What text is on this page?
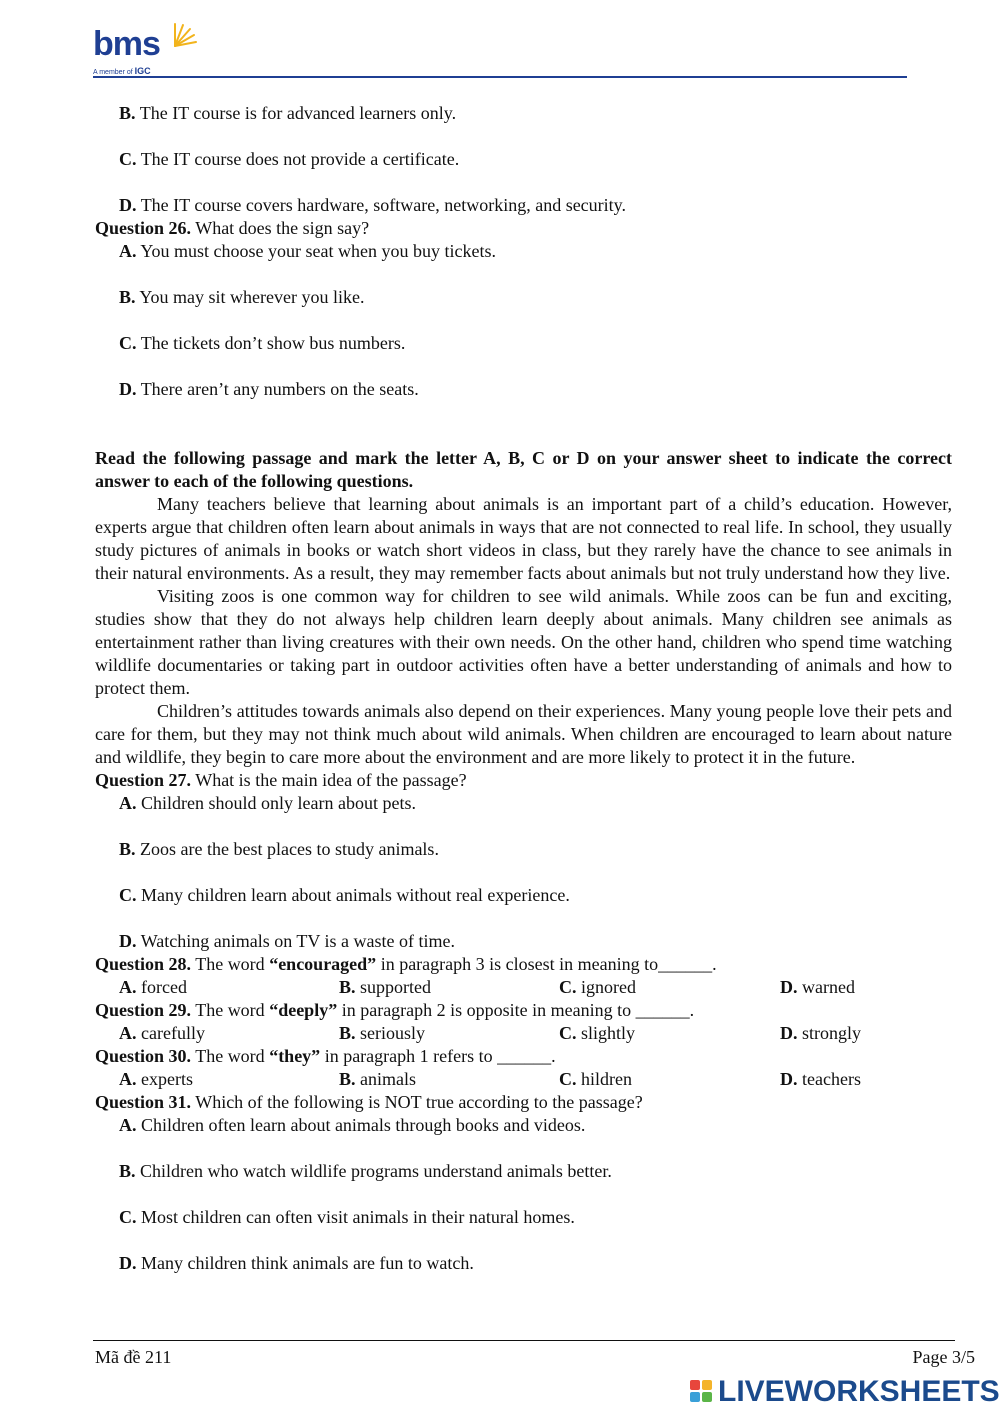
bms
A member of IGC
B. The IT course is for advanced learners only.
C. The IT course does not provide a certificate.
D. The IT course covers hardware, software, networking, and security.
Question 26. What does the sign say?
A. You must choose your seat when you buy tickets.
B. You may sit wherever you like.
C. The tickets don’t show bus numbers.
D. There aren’t any numbers on the seats.
Read the following passage and mark the letter A, B, C or D on your answer sheet to indicate the correct answer to each of the following questions.
Many teachers believe that learning about animals is an important part of a child’s education. However, experts argue that children often learn about animals in ways that are not connected to real life. In school, they usually study pictures of animals in books or watch short videos in class, but they rarely have the chance to see animals in their natural environments. As a result, they may remember facts about animals but not truly understand how they live.
Visiting zoos is one common way for children to see wild animals. While zoos can be fun and exciting, studies show that they do not always help children learn deeply about animals. Many children see animals as entertainment rather than living creatures with their own needs. On the other hand, children who spend time watching wildlife documentaries or taking part in outdoor activities often have a better understanding of animals and how to protect them.
Children’s attitudes towards animals also depend on their experiences. Many young people love their pets and care for them, but they may not think much about wild animals. When children are encouraged to learn about nature and wildlife, they begin to care more about the environment and are more likely to protect it in the future.
Question 27. What is the main idea of the passage?
A. Children should only learn about pets.
B. Zoos are the best places to study animals.
C. Many children learn about animals without real experience.
D. Watching animals on TV is a waste of time.
Question 28. The word “encouraged” in paragraph 3 is closest in meaning to______.
A. forced	B. supported	C. ignored	D. warned
Question 29. The word “deeply” in paragraph 2 is opposite in meaning to ______.
A. carefully	B. seriously	C. slightly	D. strongly
Question 30. The word “they” in paragraph 1 refers to ______.
A. experts	B. animals	C. hildren	D. teachers
Question 31. Which of the following is NOT true according to the passage?
A. Children often learn about animals through books and videos.
B. Children who watch wildlife programs understand animals better.
C. Most children can often visit animals in their natural homes.
D. Many children think animals are fun to watch.
Mã đề 211	Page 3/5
LIVEWORKSHEETS
